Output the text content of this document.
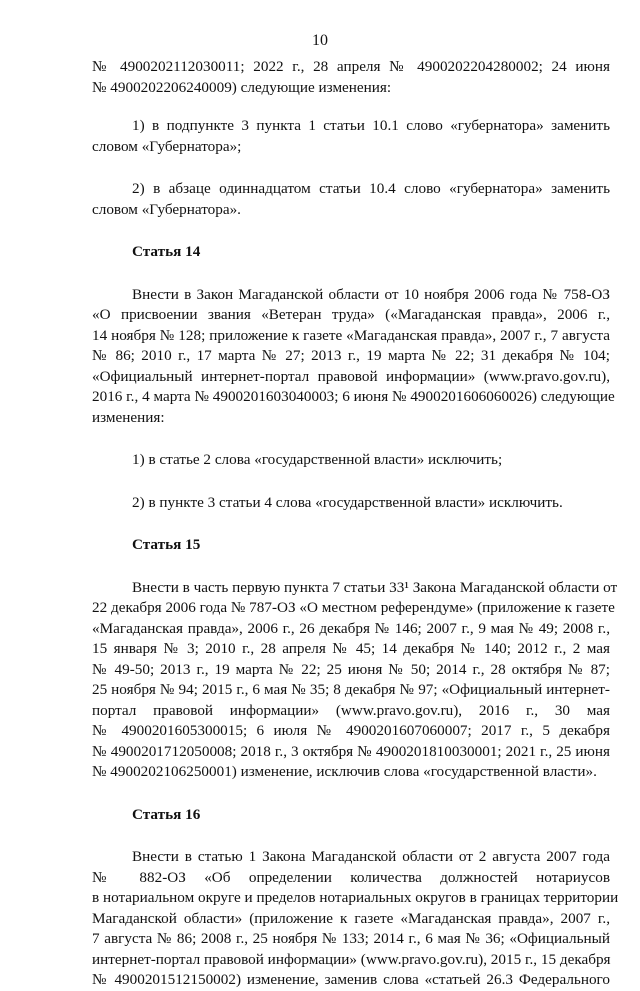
10
№ 4900202112030011; 2022 г., 28 апреля № 4900202204280002; 24 июня
№ 4900202206240009) следующие изменения:
1) в подпункте 3 пункта 1 статьи 10.1 слово «губернатора» заменить
словом «Губернатора»;
2) в абзаце одиннадцатом статьи 10.4 слово «губернатора» заменить
словом «Губернатора».
Статья 14
Внести в Закон Магаданской области от 10 ноября 2006 года № 758-ОЗ
«О присвоении звания «Ветеран труда» («Магаданская правда», 2006 г.,
14 ноября № 128; приложение к газете «Магаданская правда», 2007 г., 7 августа
№ 86; 2010 г., 17 марта № 27; 2013 г., 19 марта № 22; 31 декабря № 104;
«Официальный интернет-портал правовой информации» (www.pravo.gov.ru),
2016 г., 4 марта № 4900201603040003; 6 июня № 4900201606060026) следующие
изменения:
1) в статье 2 слова «государственной власти» исключить;
2) в пункте 3 статьи 4 слова «государственной власти» исключить.
Статья 15
Внести в часть первую пункта 7 статьи 33¹ Закона Магаданской области от
22 декабря 2006 года № 787-ОЗ «О местном референдуме» (приложение к газете
«Магаданская правда», 2006 г., 26 декабря № 146; 2007 г., 9 мая № 49; 2008 г.,
15 января № 3; 2010 г., 28 апреля № 45; 14 декабря № 140; 2012 г., 2 мая
№ 49-50; 2013 г., 19 марта № 22; 25 июня № 50; 2014 г., 28 октября № 87;
25 ноября № 94; 2015 г., 6 мая № 35; 8 декабря № 97; «Официальный интернет-
портал правовой информации» (www.pravo.gov.ru), 2016 г., 30 мая
№ 4900201605300015; 6 июля № 4900201607060007; 2017 г., 5 декабря
№ 4900201712050008; 2018 г., 3 октября № 4900201810030001; 2021 г., 25 июня
№ 4900202106250001) изменение, исключив слова «государственной власти».
Статья 16
Внести в статью 1 Закона Магаданской области от 2 августа 2007 года
№ 882-ОЗ «Об определении количества должностей нотариусов
в нотариальном округе и пределов нотариальных округов в границах территории
Магаданской области» (приложение к газете «Магаданская правда», 2007 г.,
7 августа № 86; 2008 г., 25 ноября № 133; 2014 г., 6 мая № 36; «Официальный
интернет-портал правовой информации» (www.pravo.gov.ru), 2015 г., 15 декабря
№ 4900201512150002) изменение, заменив слова «статьей 26.3 Федерального
